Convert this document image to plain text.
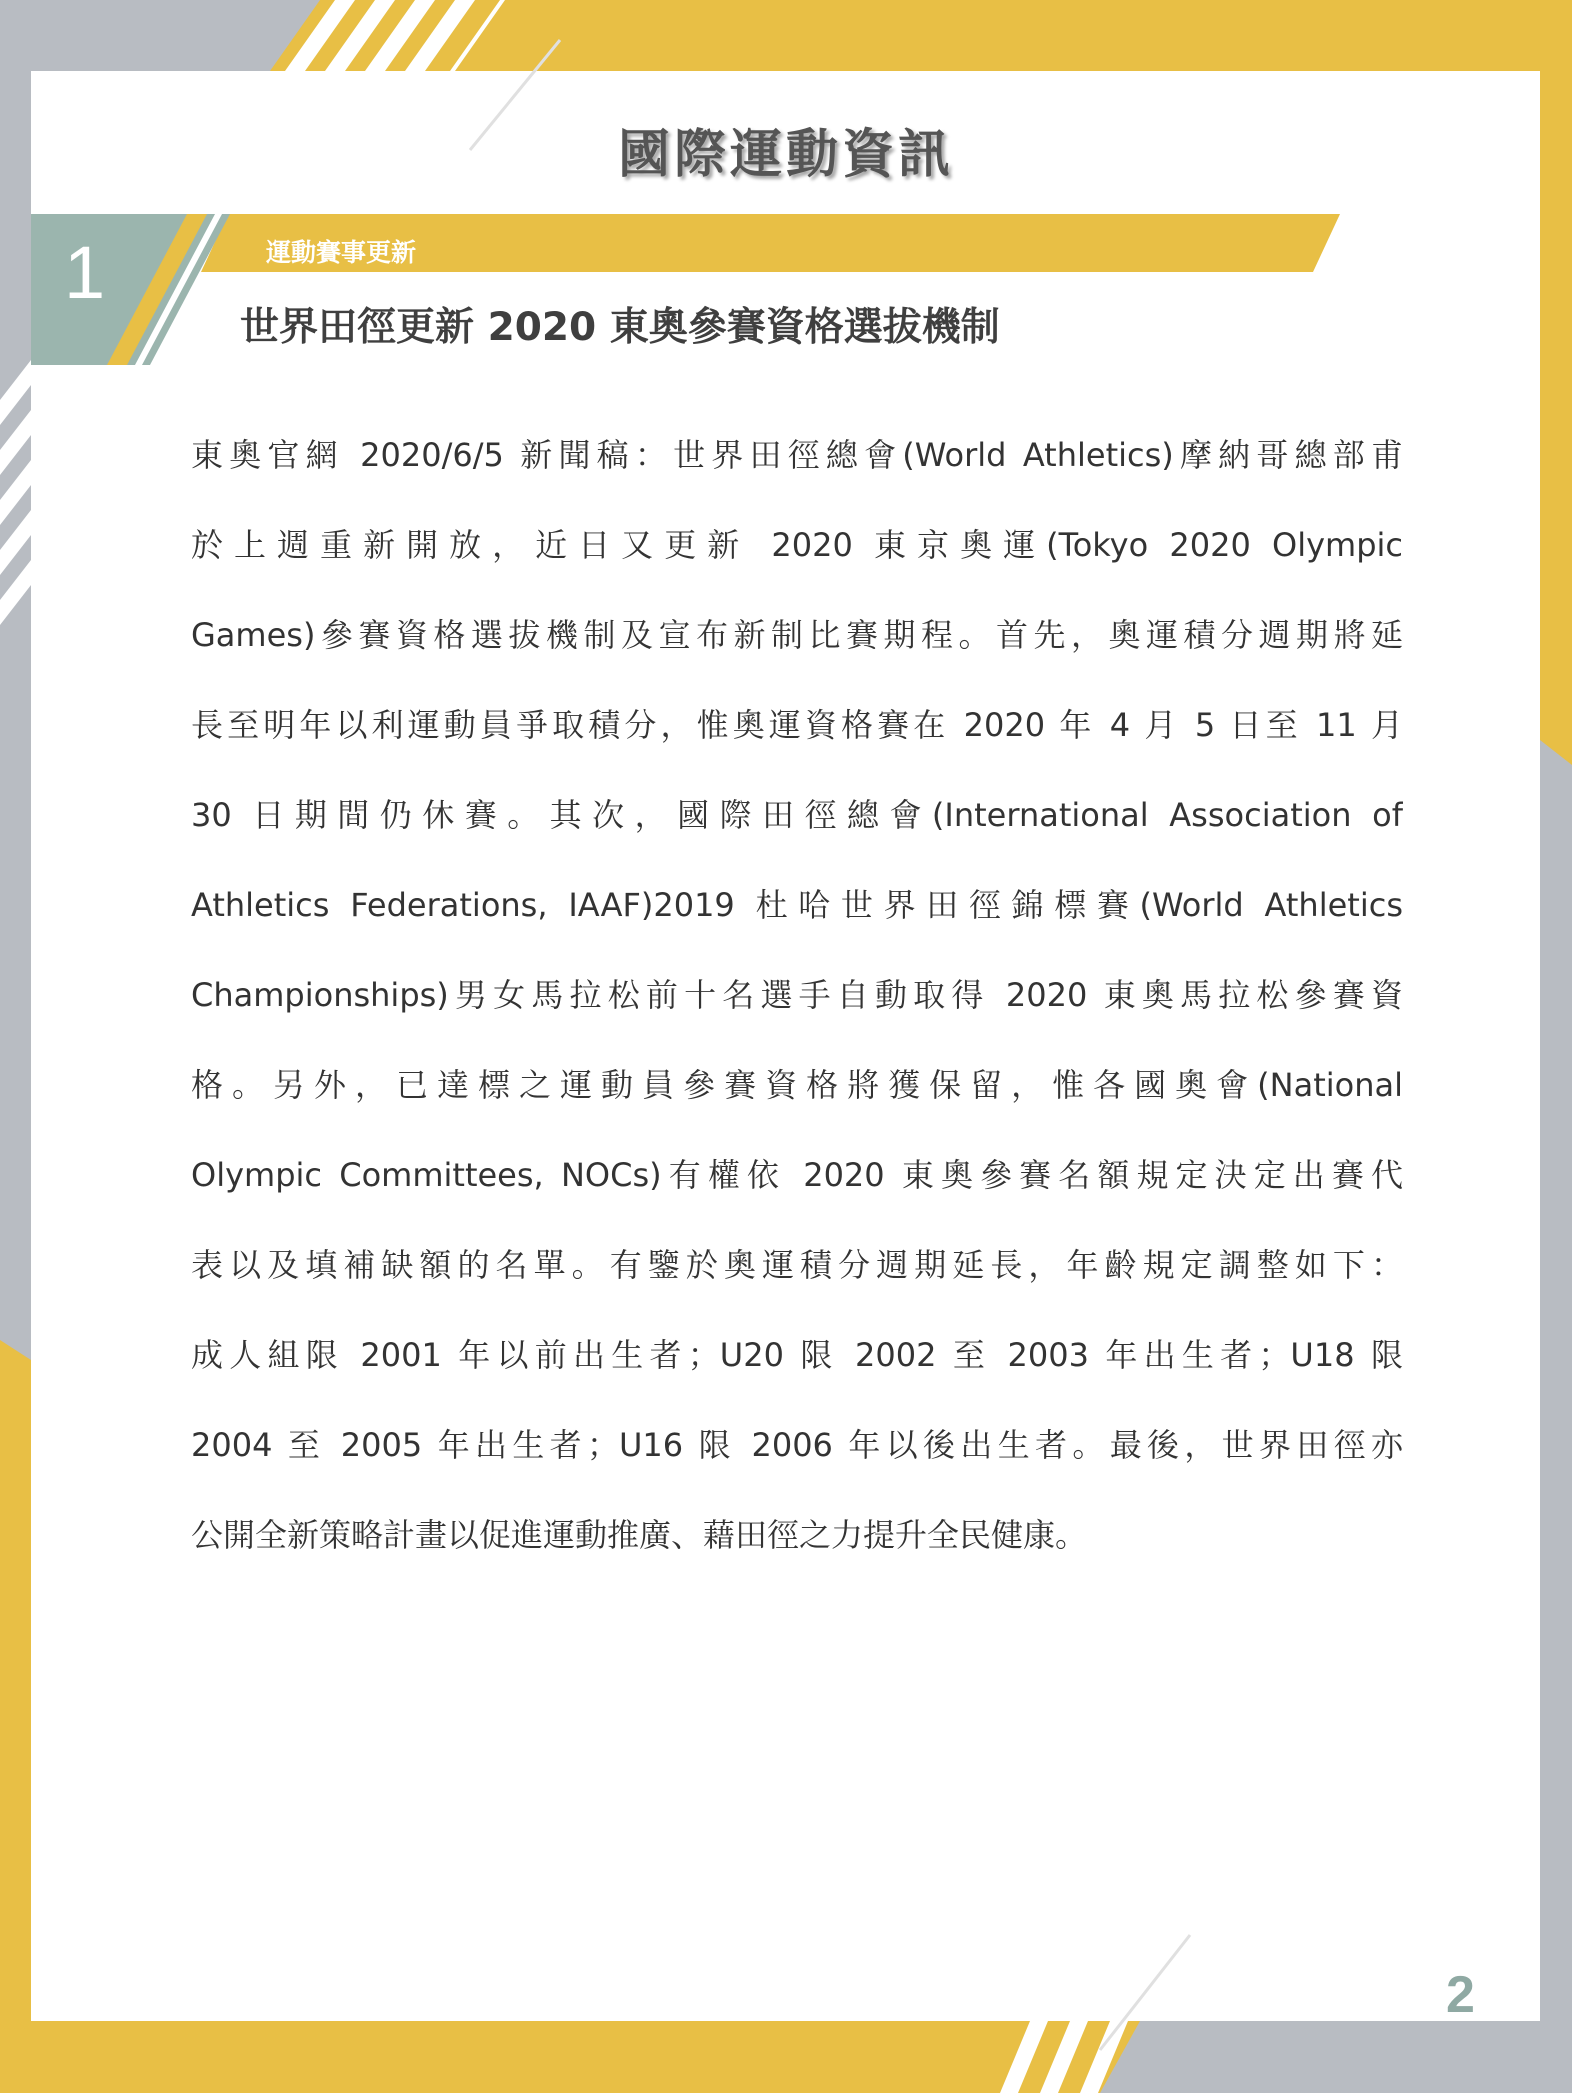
國際運動資訊
1	運動賽事更新
世界田徑更新 2020 東奧參賽資格選拔機制
東奧官網 2020/6/5 新聞稿：世界田徑總會(World Athletics)摩納哥總部甫
於上週重新開放，近日又更新 2020 東京奧運(Tokyo 2020 Olympic
Games)參賽資格選拔機制及宣布新制比賽期程。首先，奧運積分週期將延
長至明年以利運動員爭取積分，惟奧運資格賽在 2020 年 4 月 5 日至 11 月
30 日期間仍休賽。其次，國際田徑總會(International Association of
Athletics Federations, IAAF)2019 杜哈世界田徑錦標賽(World Athletics
Championships)男女馬拉松前十名選手自動取得 2020 東奧馬拉松參賽資
格。另外，已達標之運動員參賽資格將獲保留，惟各國奧會(National
Olympic Committees, NOCs)有權依 2020 東奧參賽名額規定決定出賽代
表以及填補缺額的名單。有鑒於奧運積分週期延長，年齡規定調整如下：
成人組限 2001 年以前出生者；U20 限 2002 至 2003 年出生者；U18 限
2004 至 2005 年出生者；U16 限 2006 年以後出生者。最後，世界田徑亦
公開全新策略計畫以促進運動推廣、藉田徑之力提升全民健康。
2
